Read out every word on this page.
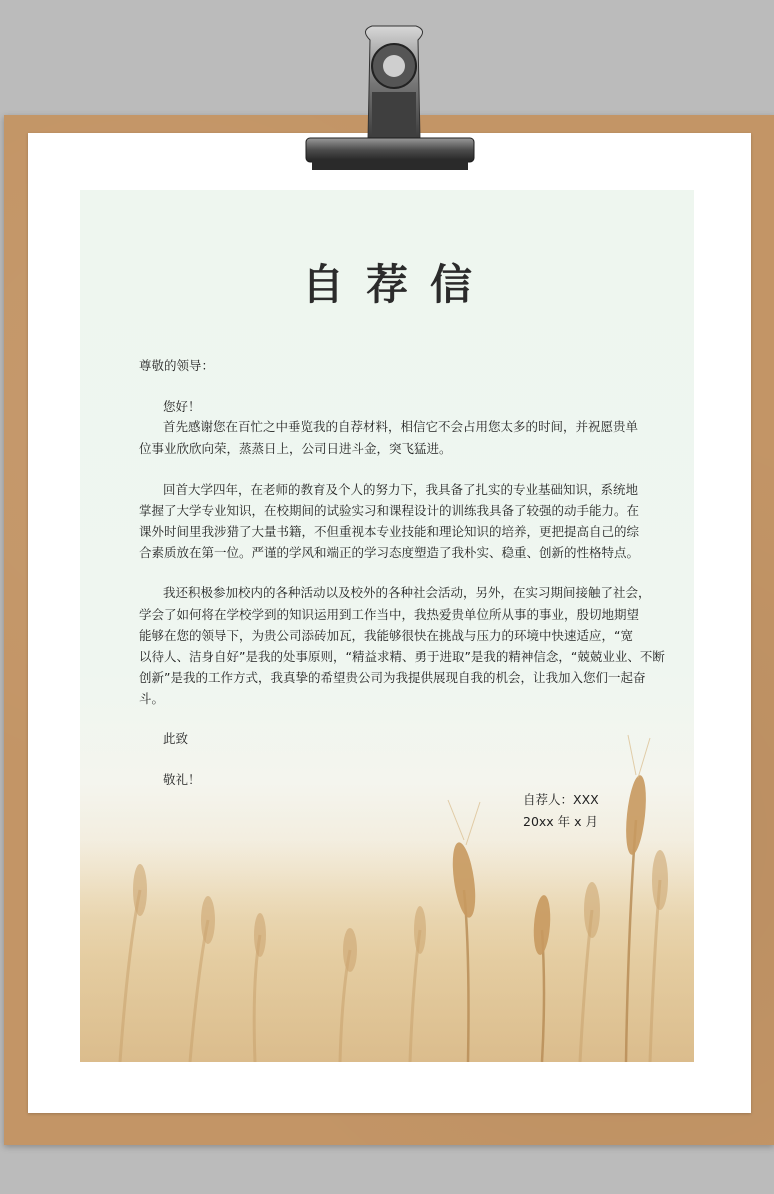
自荐信
尊敬的领导：
您好！
首先感谢您在百忙之中垂览我的自荐材料，相信它不会占用您太多的时间，并祝愿贵单
位事业欣欣向荣，蒸蒸日上，公司日进斗金，突飞猛进。
回首大学四年，在老师的教育及个人的努力下，我具备了扎实的专业基础知识，系统地
掌握了大学专业知识，在校期间的试验实习和课程设计的训练我具备了较强的动手能力。在
课外时间里我涉猎了大量书籍，不但重视本专业技能和理论知识的培养，更把提高自己的综
合素质放在第一位。严谨的学风和端正的学习态度塑造了我朴实、稳重、创新的性格特点。
我还积极参加校内的各种活动以及校外的各种社会活动，另外，在实习期间接触了社会，
学会了如何将在学校学到的知识运用到工作当中，我热爱贵单位所从事的事业，殷切地期望
能够在您的领导下，为贵公司添砖加瓦，我能够很快在挑战与压力的环境中快速适应，“宽
以待人、洁身自好”是我的处事原则，“精益求精、勇于进取”是我的精神信念，“兢兢业业、不断
创新”是我的工作方式，我真挚的希望贵公司为我提供展现自我的机会，让我加入您们一起奋
斗。
此致
敬礼！
自荐人：XXX
20xx 年 x 月
